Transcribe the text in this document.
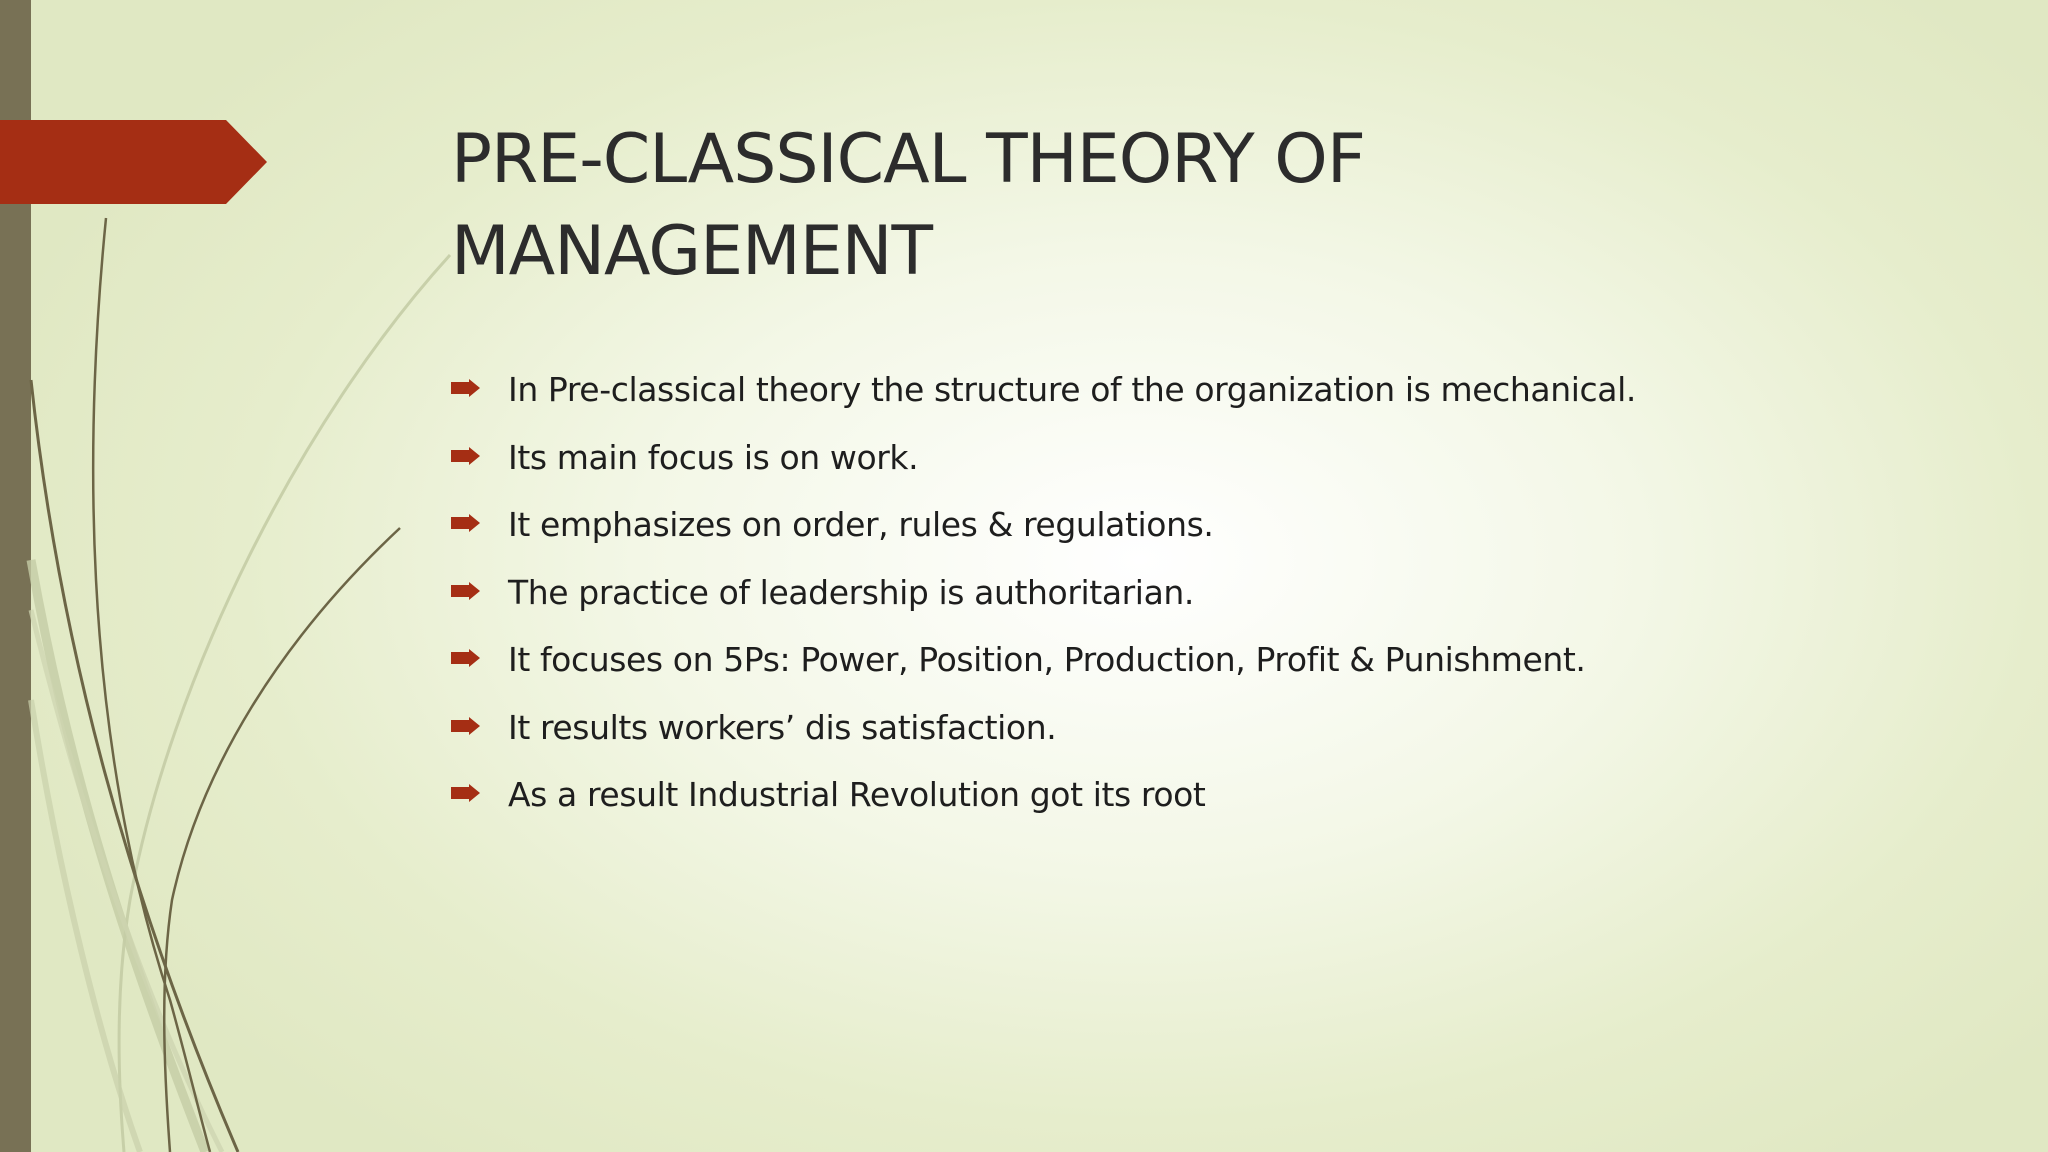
PRE-CLASSICAL THEORY OF
MANAGEMENT
In Pre-classical theory the structure of the organization is mechanical.
Its main focus is on work.
It emphasizes on order, rules & regulations.
The practice of leadership is authoritarian.
It focuses on 5Ps: Power, Position, Production, Profit & Punishment.
It results workers’ dis satisfaction.
As a result Industrial Revolution got its root
